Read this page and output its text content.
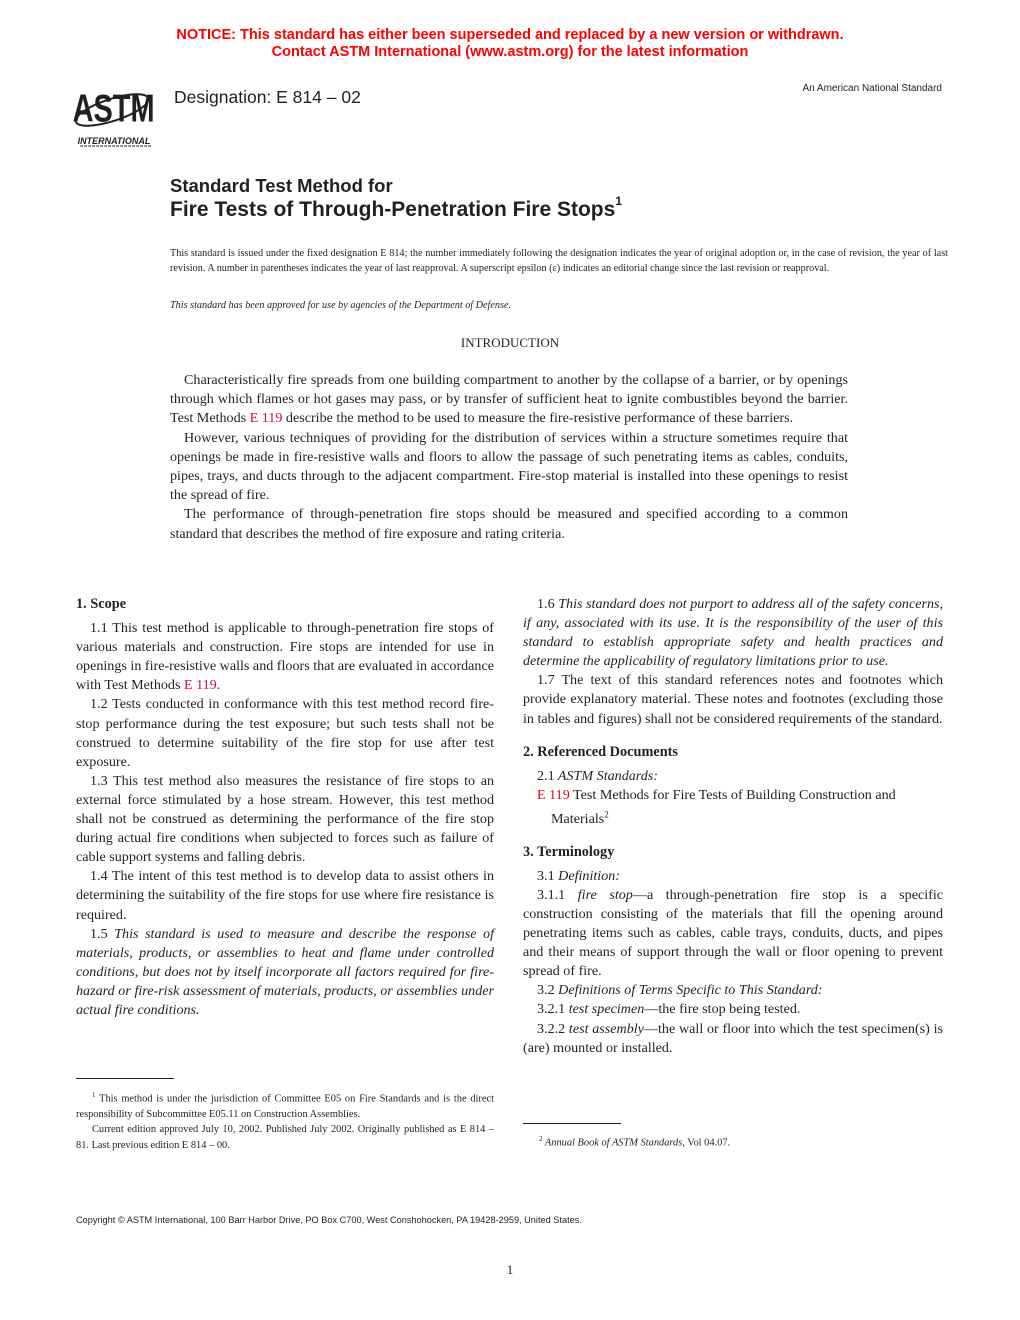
NOTICE: This standard has either been superseded and replaced by a new version or withdrawn.
Contact ASTM International (www.astm.org) for the latest information
ASTM
INTERNATIONAL
Designation: E 814 – 02	An American National Standard
Standard Test Method for
Fire Tests of Through-Penetration Fire Stops$^1$
This standard is issued under the fixed designation E 814; the number immediately following the designation indicates the year of original adoption or, in the case of revision, the year of last revision. A number in parentheses indicates the year of last reapproval. A superscript epsilon (ε) indicates an editorial change since the last revision or reapproval.
This standard has been approved for use by agencies of the Department of Defense.
INTRODUCTION

Characteristically fire spreads from one building compartment to another by the collapse of a barrier, or by openings through which flames or hot gases may pass, or by transfer of sufficient heat to ignite combustibles beyond the barrier. Test Methods E 119 describe the method to be used to measure the fire-resistive performance of these barriers.

However, various techniques of providing for the distribution of services within a structure sometimes require that openings be made in fire-resistive walls and floors to allow the passage of such penetrating items as cables, conduits, pipes, trays, and ducts through to the adjacent compartment. Fire-stop material is installed into these openings to resist the spread of fire.

The performance of through-penetration fire stops should be measured and specified according to a common standard that describes the method of fire exposure and rating criteria.

1. Scope

1.1 This test method is applicable to through-penetration fire stops of various materials and construction. Fire stops are intended for use in openings in fire-resistive walls and floors that are evaluated in accordance with Test Methods E 119.

1.2 Tests conducted in conformance with this test method record fire-stop performance during the test exposure; but such tests shall not be construed to determine suitability of the fire stop for use after test exposure.

1.3 This test method also measures the resistance of fire stops to an external force stimulated by a hose stream. However, this test method shall not be construed as determining the performance of the fire stop during actual fire conditions when subjected to forces such as failure of cable support systems and falling debris.

1.4 The intent of this test method is to develop data to assist others in determining the suitability of the fire stops for use where fire resistance is required.

1.5 This standard is used to measure and describe the response of materials, products, or assemblies to heat and flame under controlled conditions, but does not by itself incorporate all factors required for fire-hazard or fire-risk assessment of materials, products, or assemblies under actual fire conditions.

$^1$ This method is under the jurisdiction of Committee E05 on Fire Standards and is the direct responsibility of Subcommittee E05.11 on Construction Assemblies.

Current edition approved July 10, 2002. Published July 2002. Originally published as E 814 – 81. Last previous edition E 814 – 00.

1.6 This standard does not purport to address all of the safety concerns, if any, associated with its use. It is the responsibility of the user of this standard to establish appropriate safety and health practices and determine the applicability of regulatory limitations prior to use.

1.7 The text of this standard references notes and footnotes which provide explanatory material. These notes and footnotes (excluding those in tables and figures) shall not be considered requirements of the standard.

2. Referenced Documents

2.1 ASTM Standards:

E 119 Test Methods for Fire Tests of Building Construction and Materials$^2$

3. Terminology

3.1 Definition:

3.1.1 fire stop—a through-penetration fire stop is a specific construction consisting of the materials that fill the opening around penetrating items such as cables, cable trays, conduits, ducts, and pipes and their means of support through the wall or floor opening to prevent spread of fire.

3.2 Definitions of Terms Specific to This Standard:

3.2.1 test specimen—the fire stop being tested.

3.2.2 test assembly—the wall or floor into which the test specimen(s) is (are) mounted or installed.

$^2$ Annual Book of ASTM Standards, Vol 04.07.

Copyright © ASTM International, 100 Barr Harbor Drive, PO Box C700, West Conshohocken, PA 19428-2959, United States.
1
